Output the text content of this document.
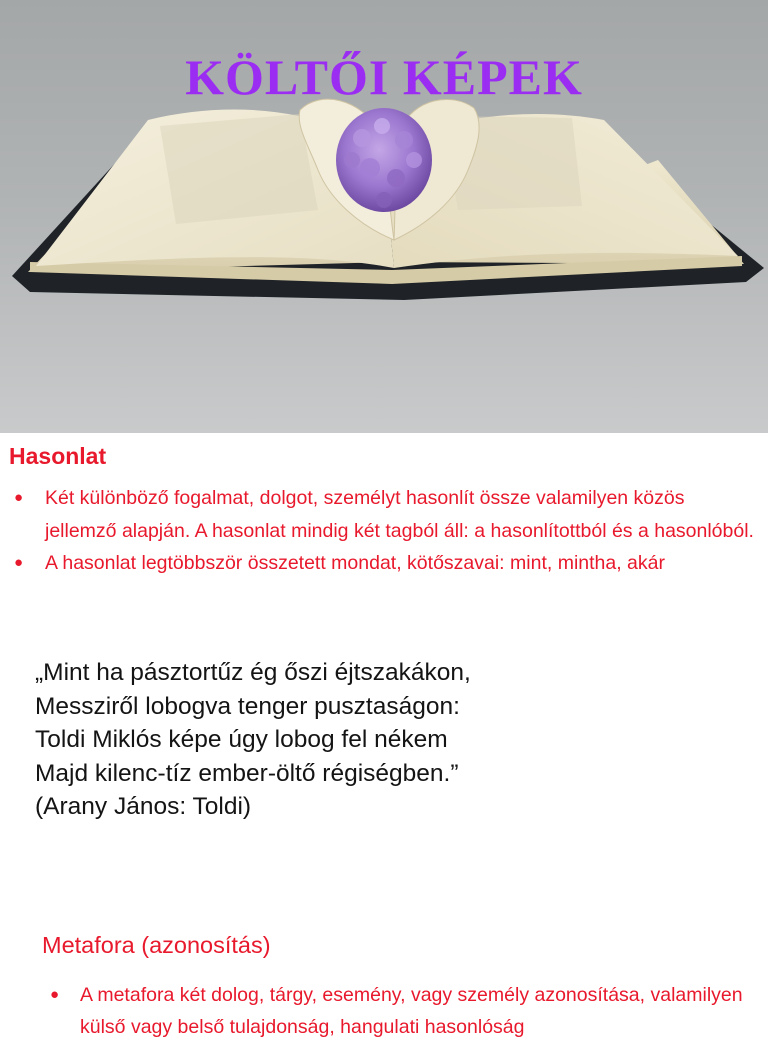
KÖLTŐI KÉPEK
Hasonlat
● Két különböző fogalmat, dolgot, személyt hasonlít össze valamilyen közös jellemző alapján. A hasonlat mindig két tagból áll: a hasonlítottból és a hasonlóból.
● A hasonlat legtöbbször összetett mondat, kötőszavai: mint, mintha, akár
„Mint ha pásztortűz ég őszi éjtszakákon,
Messziről lobogva tenger pusztaságon:
Toldi Miklós képe úgy lobog fel nékem
Majd kilenc-tíz ember-öltő régiségben.”
(Arany János: Toldi)
Metafora (azonosítás)
● A metafora két dolog, tárgy, esemény, vagy személy azonosítása, valamilyen külső vagy belső tulajdonság, hangulati hasonlóság
